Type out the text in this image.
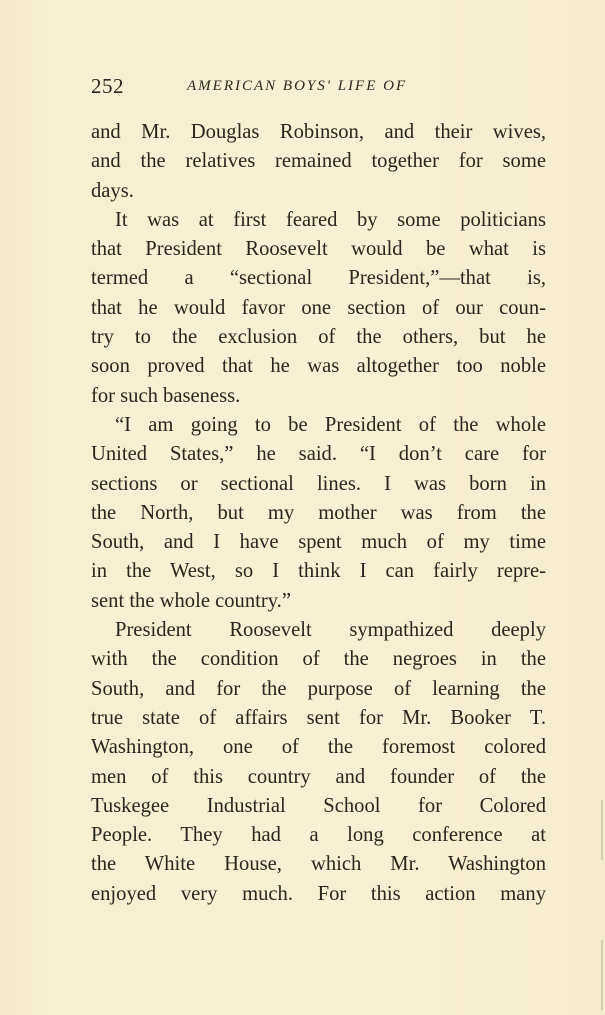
252	AMERICAN BOYS' LIFE OF
and Mr. Douglas Robinson, and their wives,
and the relatives remained together for some
days.
It was at first feared by some politicians
that President Roosevelt would be what is
termed a “sectional President,”—that is,
that he would favor one section of our coun-
try to the exclusion of the others, but he
soon proved that he was altogether too noble
for such baseness.
“I am going to be President of the whole
United States,” he said. “I don’t care for
sections or sectional lines. I was born in
the North, but my mother was from the
South, and I have spent much of my time
in the West, so I think I can fairly repre-
sent the whole country.”
President Roosevelt sympathized deeply
with the condition of the negroes in the
South, and for the purpose of learning the
true state of affairs sent for Mr. Booker T.
Washington, one of the foremost colored
men of this country and founder of the
Tuskegee Industrial School for Colored
People. They had a long conference at
the White House, which Mr. Washington
enjoyed very much. For this action many
